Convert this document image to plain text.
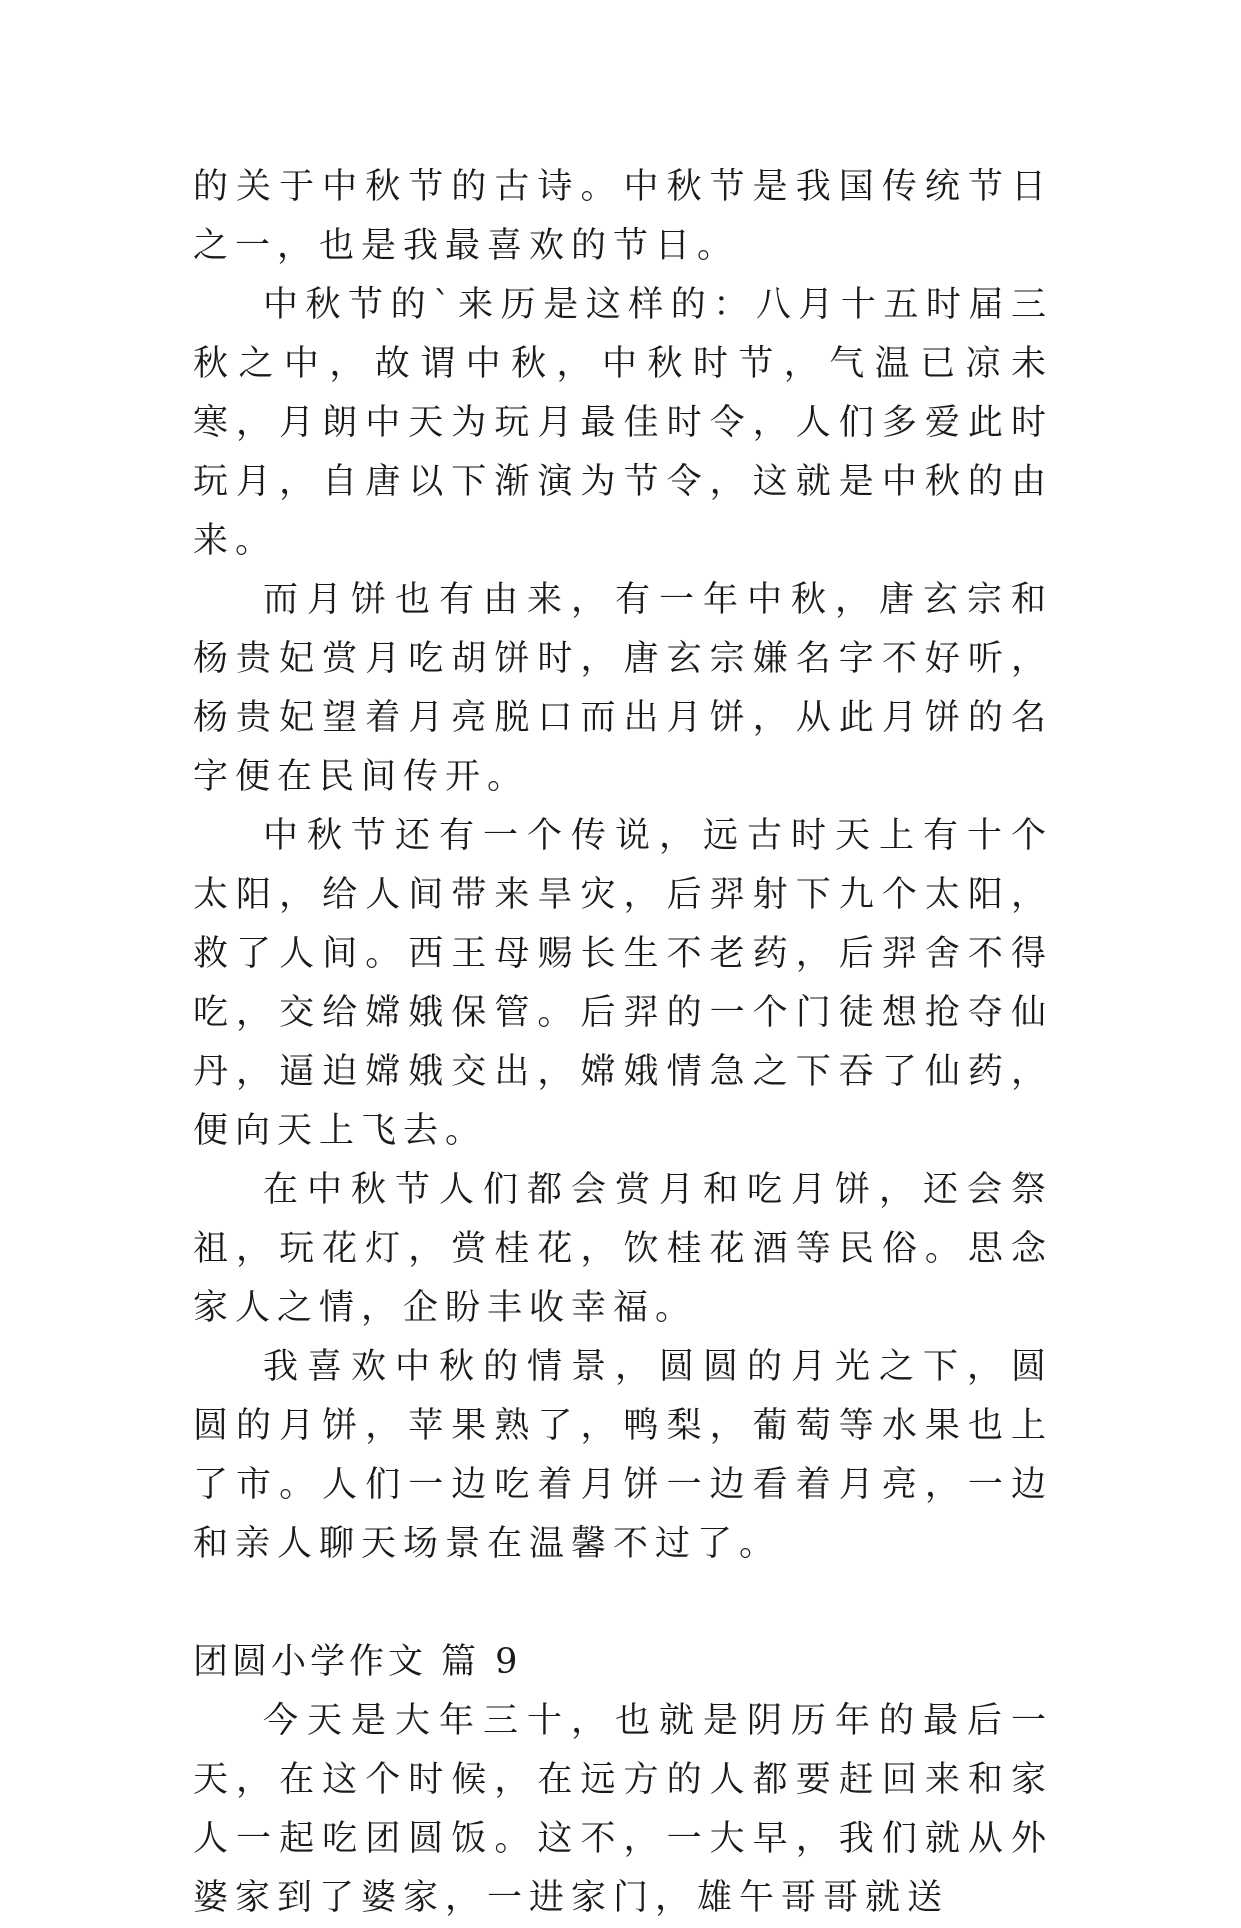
的关于中秋节的古诗。中秋节是我国传统节日之一，也是我最喜欢的节日。

中秋节的`来历是这样的：八月十五时届三秋之中，故谓中秋，中秋时节，气温已凉未寒，月朗中天为玩月最佳时令，人们多爱此时玩月，自唐以下渐演为节令，这就是中秋的由来。

而月饼也有由来，有一年中秋，唐玄宗和杨贵妃赏月吃胡饼时，唐玄宗嫌名字不好听，杨贵妃望着月亮脱口而出月饼，从此月饼的名字便在民间传开。

中秋节还有一个传说，远古时天上有十个太阳，给人间带来旱灾，后羿射下九个太阳，救了人间。西王母赐长生不老药，后羿舍不得吃，交给嫦娥保管。后羿的一个门徒想抢夺仙丹，逼迫嫦娥交出，嫦娥情急之下吞了仙药，便向天上飞去。

在中秋节人们都会赏月和吃月饼，还会祭祖，玩花灯，赏桂花，饮桂花酒等民俗。思念家人之情，企盼丰收幸福。

我喜欢中秋的情景，圆圆的月光之下，圆圆的月饼，苹果熟了，鸭梨，葡萄等水果也上了市。人们一边吃着月饼一边看着月亮，一边和亲人聊天场景在温馨不过了。

团圆小学作文 篇 9

今天是大年三十，也就是阴历年的最后一天，在这个时候，在远方的人都要赶回来和家人一起吃团圆饭。这不，一大早，我们就从外婆家到了婆家，一进家门，雄午哥哥就送
